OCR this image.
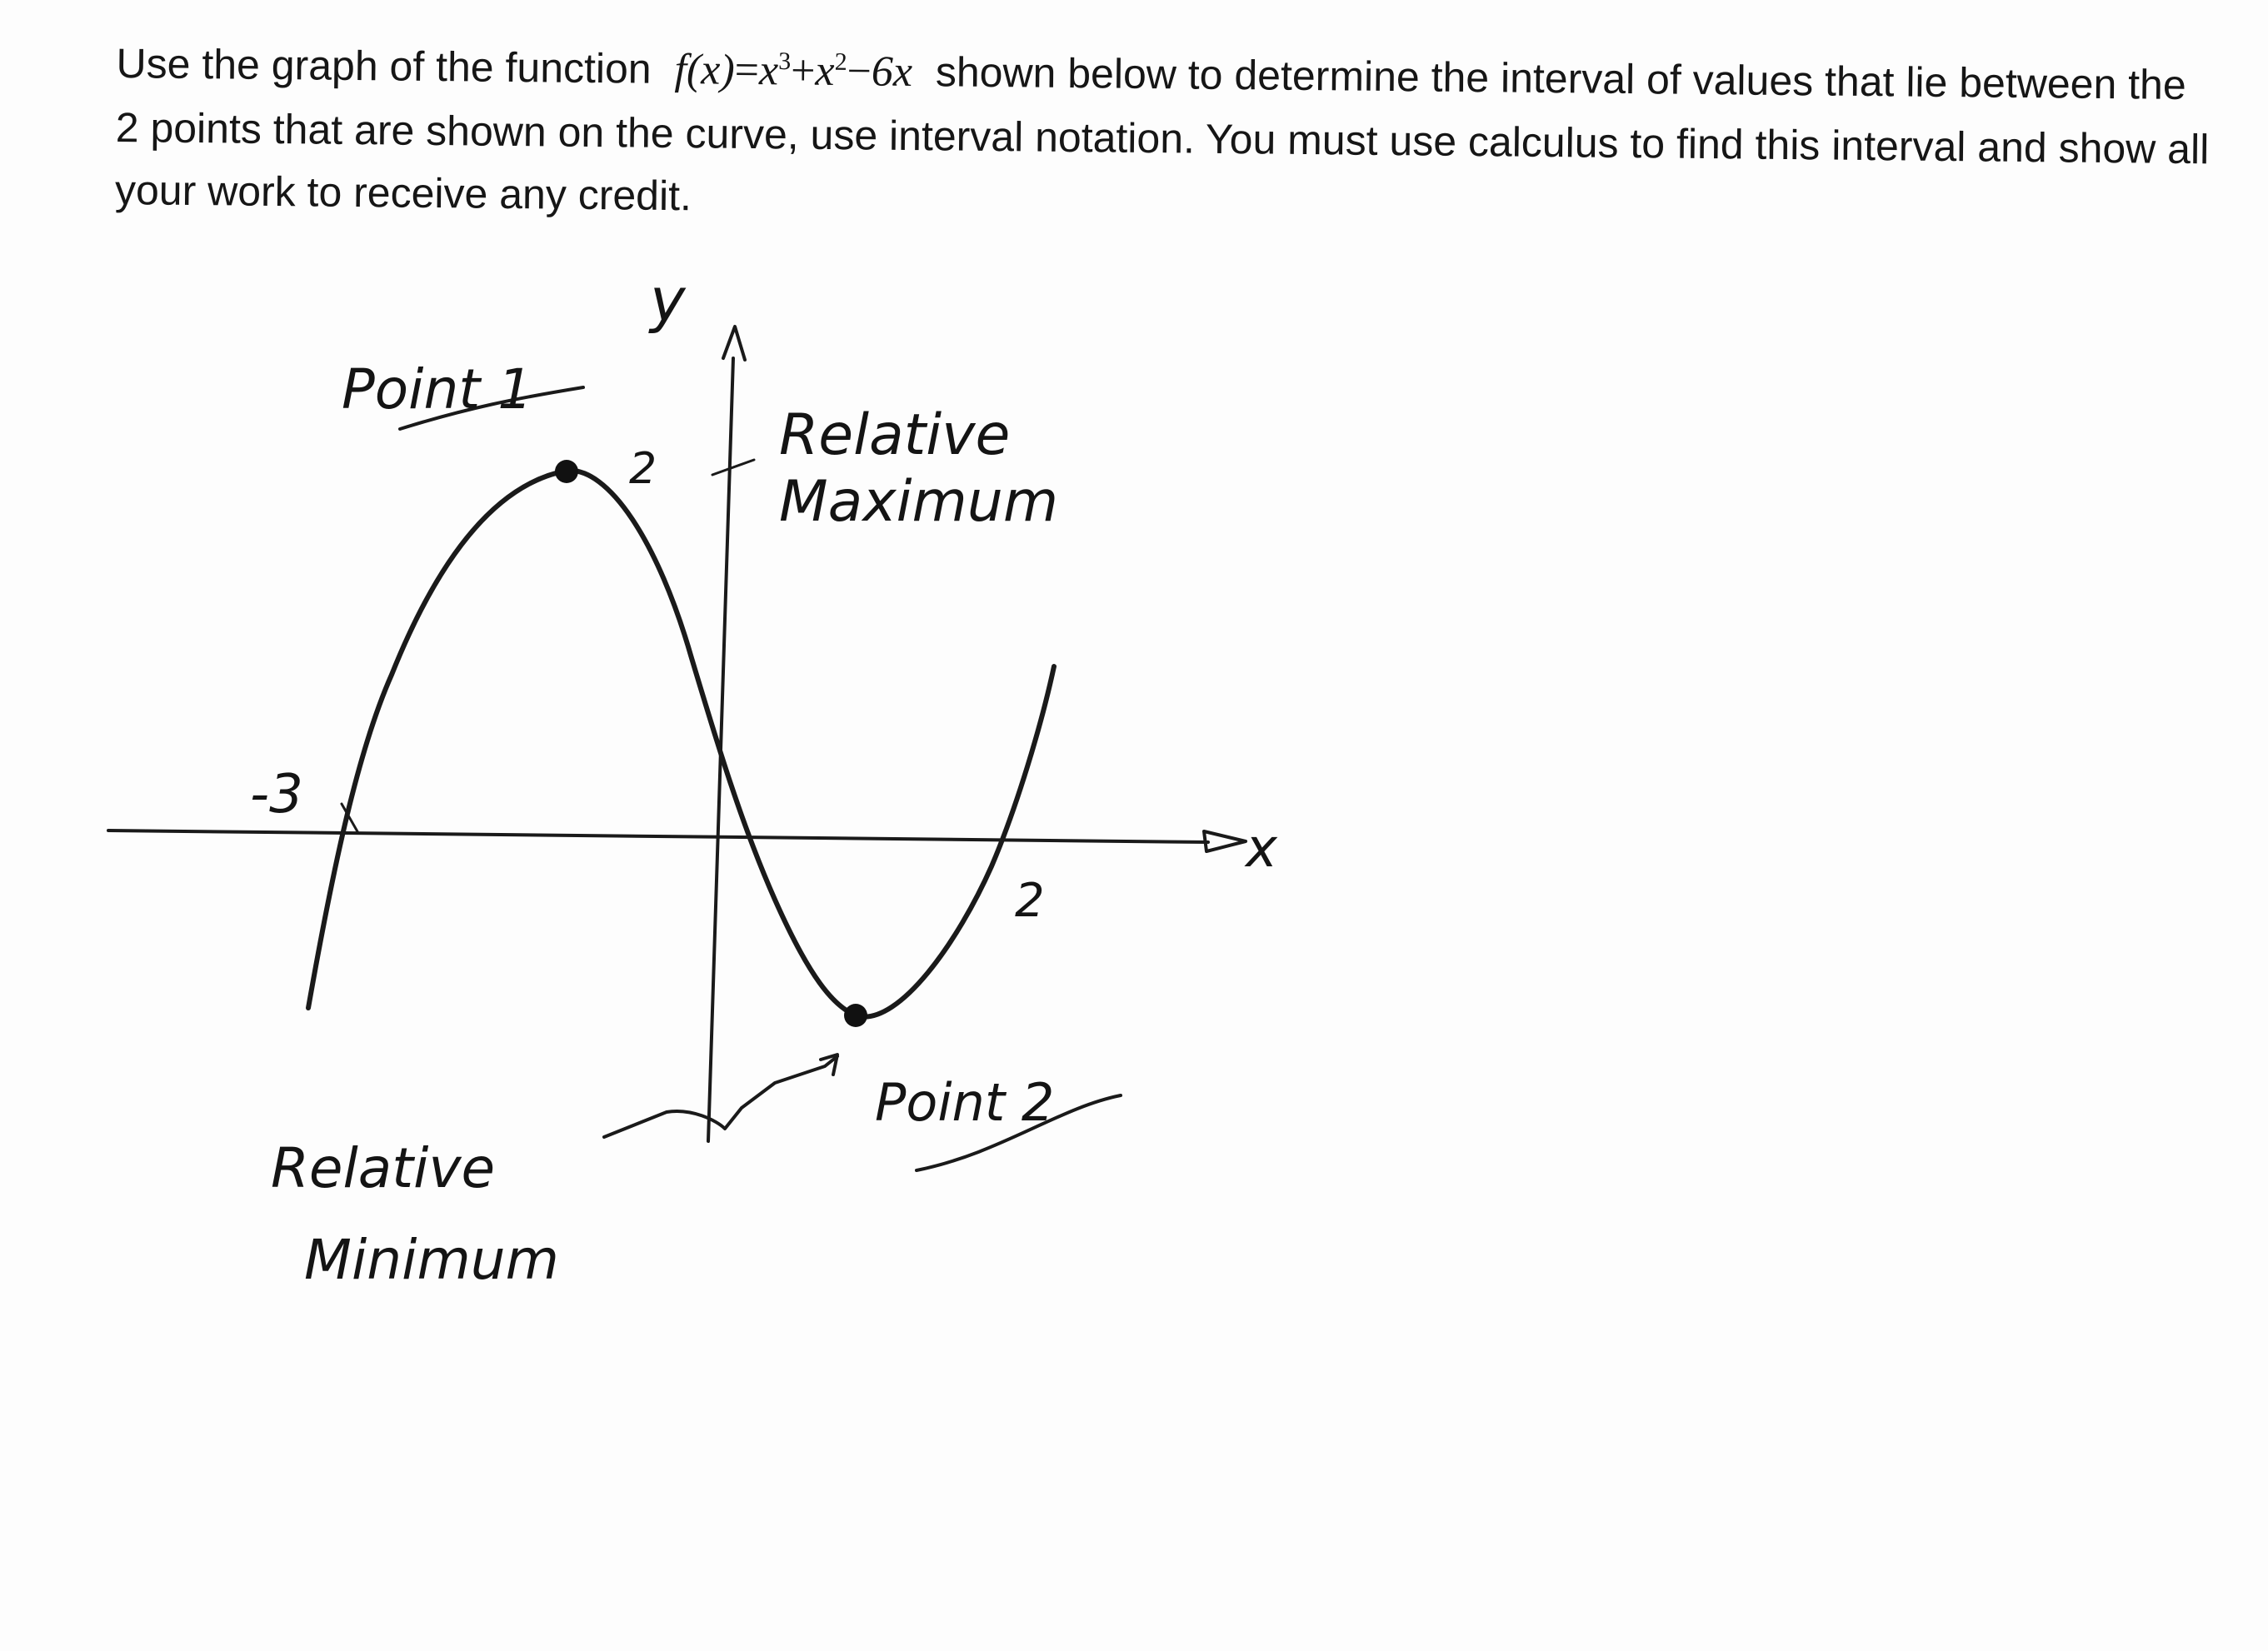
Use the graph of the function $f(x)=x^3+x^2-6x$ shown below to determine the interval of values that lie between the 2 points that are shown on the curve, use interval notation. You must use calculus to find this interval and show all your work to receive any credit.
y
x
-3
2
2
Point 1
Point 2
Relative
Maximum
Relative
Minimum
